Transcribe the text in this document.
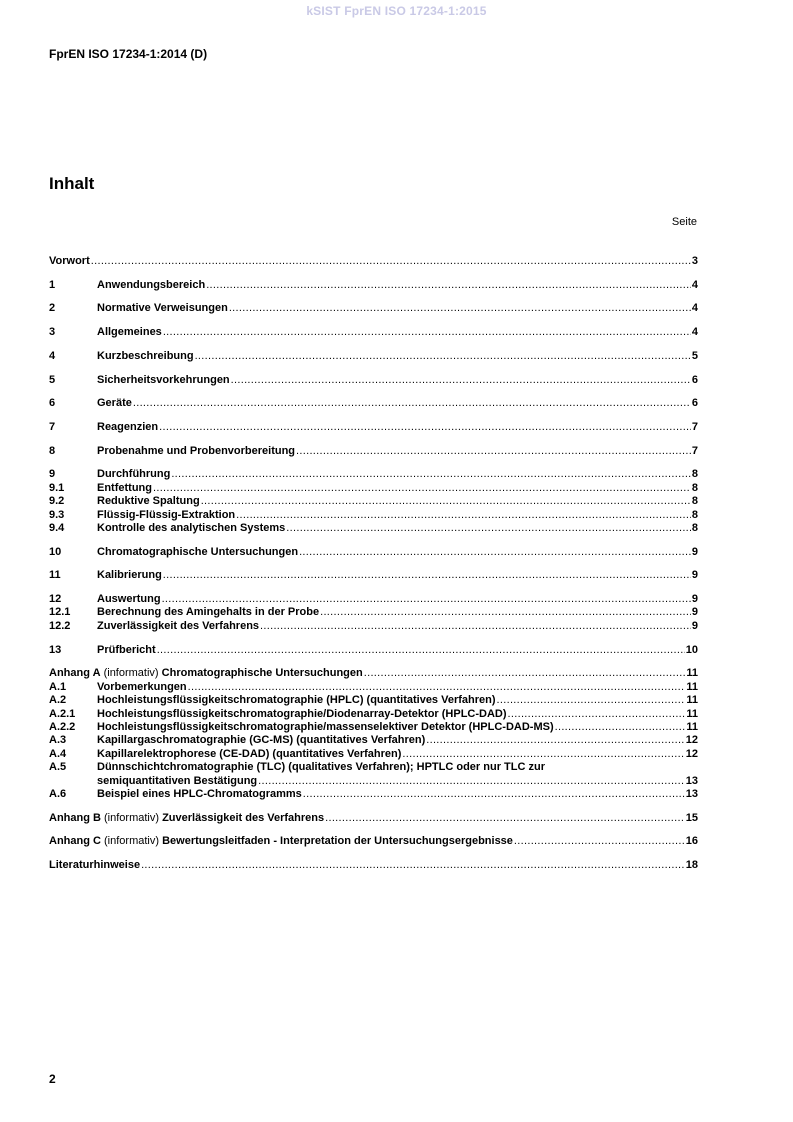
kSIST FprEN ISO 17234-1:2015
FprEN ISO 17234-1:2014 (D)
Inhalt
Seite
Vorwort .....	3
1	Anwendungsbereich .....	4
2	Normative Verweisungen .....	4
3	Allgemeines .....	4
4	Kurzbeschreibung .....	5
5	Sicherheitsvorkehrungen .....	6
6	Geräte .....	6
7	Reagenzien .....	7
8	Probenahme und Probenvorbereitung .....	7
9	Durchführung .....	8
9.1	Entfettung .....	8
9.2	Reduktive Spaltung .....	8
9.3	Flüssig-Flüssig-Extraktion .....	8
9.4	Kontrolle des analytischen Systems .....	8
10	Chromatographische Untersuchungen .....	9
11	Kalibrierung .....	9
12	Auswertung .....	9
12.1	Berechnung des Amingehalts in der Probe .....	9
12.2	Zuverlässigkeit des Verfahrens .....	9
13	Prüfbericht .....	10
Anhang A (informativ) Chromatographische Untersuchungen .....	11
A.1	Vorbemerkungen .....	11
A.2	Hochleistungsflüssigkeitschromatographie (HPLC) (quantitatives Verfahren) .....	11
A.2.1	Hochleistungsflüssigkeitschromatographie/Diodenarray-Detektor (HPLC-DAD) .....	11
A.2.2	Hochleistungsflüssigkeitschromatographie/massenselektiver Detektor (HPLC-DAD-MS) .....	11
A.3	Kapillargaschromatographie (GC-MS) (quantitatives Verfahren) .....	12
A.4	Kapillarelektrophorese (CE-DAD) (quantitatives Verfahren) .....	12
A.5	Dünnschichtchromatographie (TLC) (qualitatives Verfahren); HPTLC oder nur TLC zur
semiquantitativen Bestätigung .....	13
A.6	Beispiel eines HPLC-Chromatogramms .....	13
Anhang B (informativ) Zuverlässigkeit des Verfahrens .....	15
Anhang C (informativ) Bewertungsleitfaden - Interpretation der Untersuchungsergebnisse .....	16
Literaturhinweise .....	18
2
